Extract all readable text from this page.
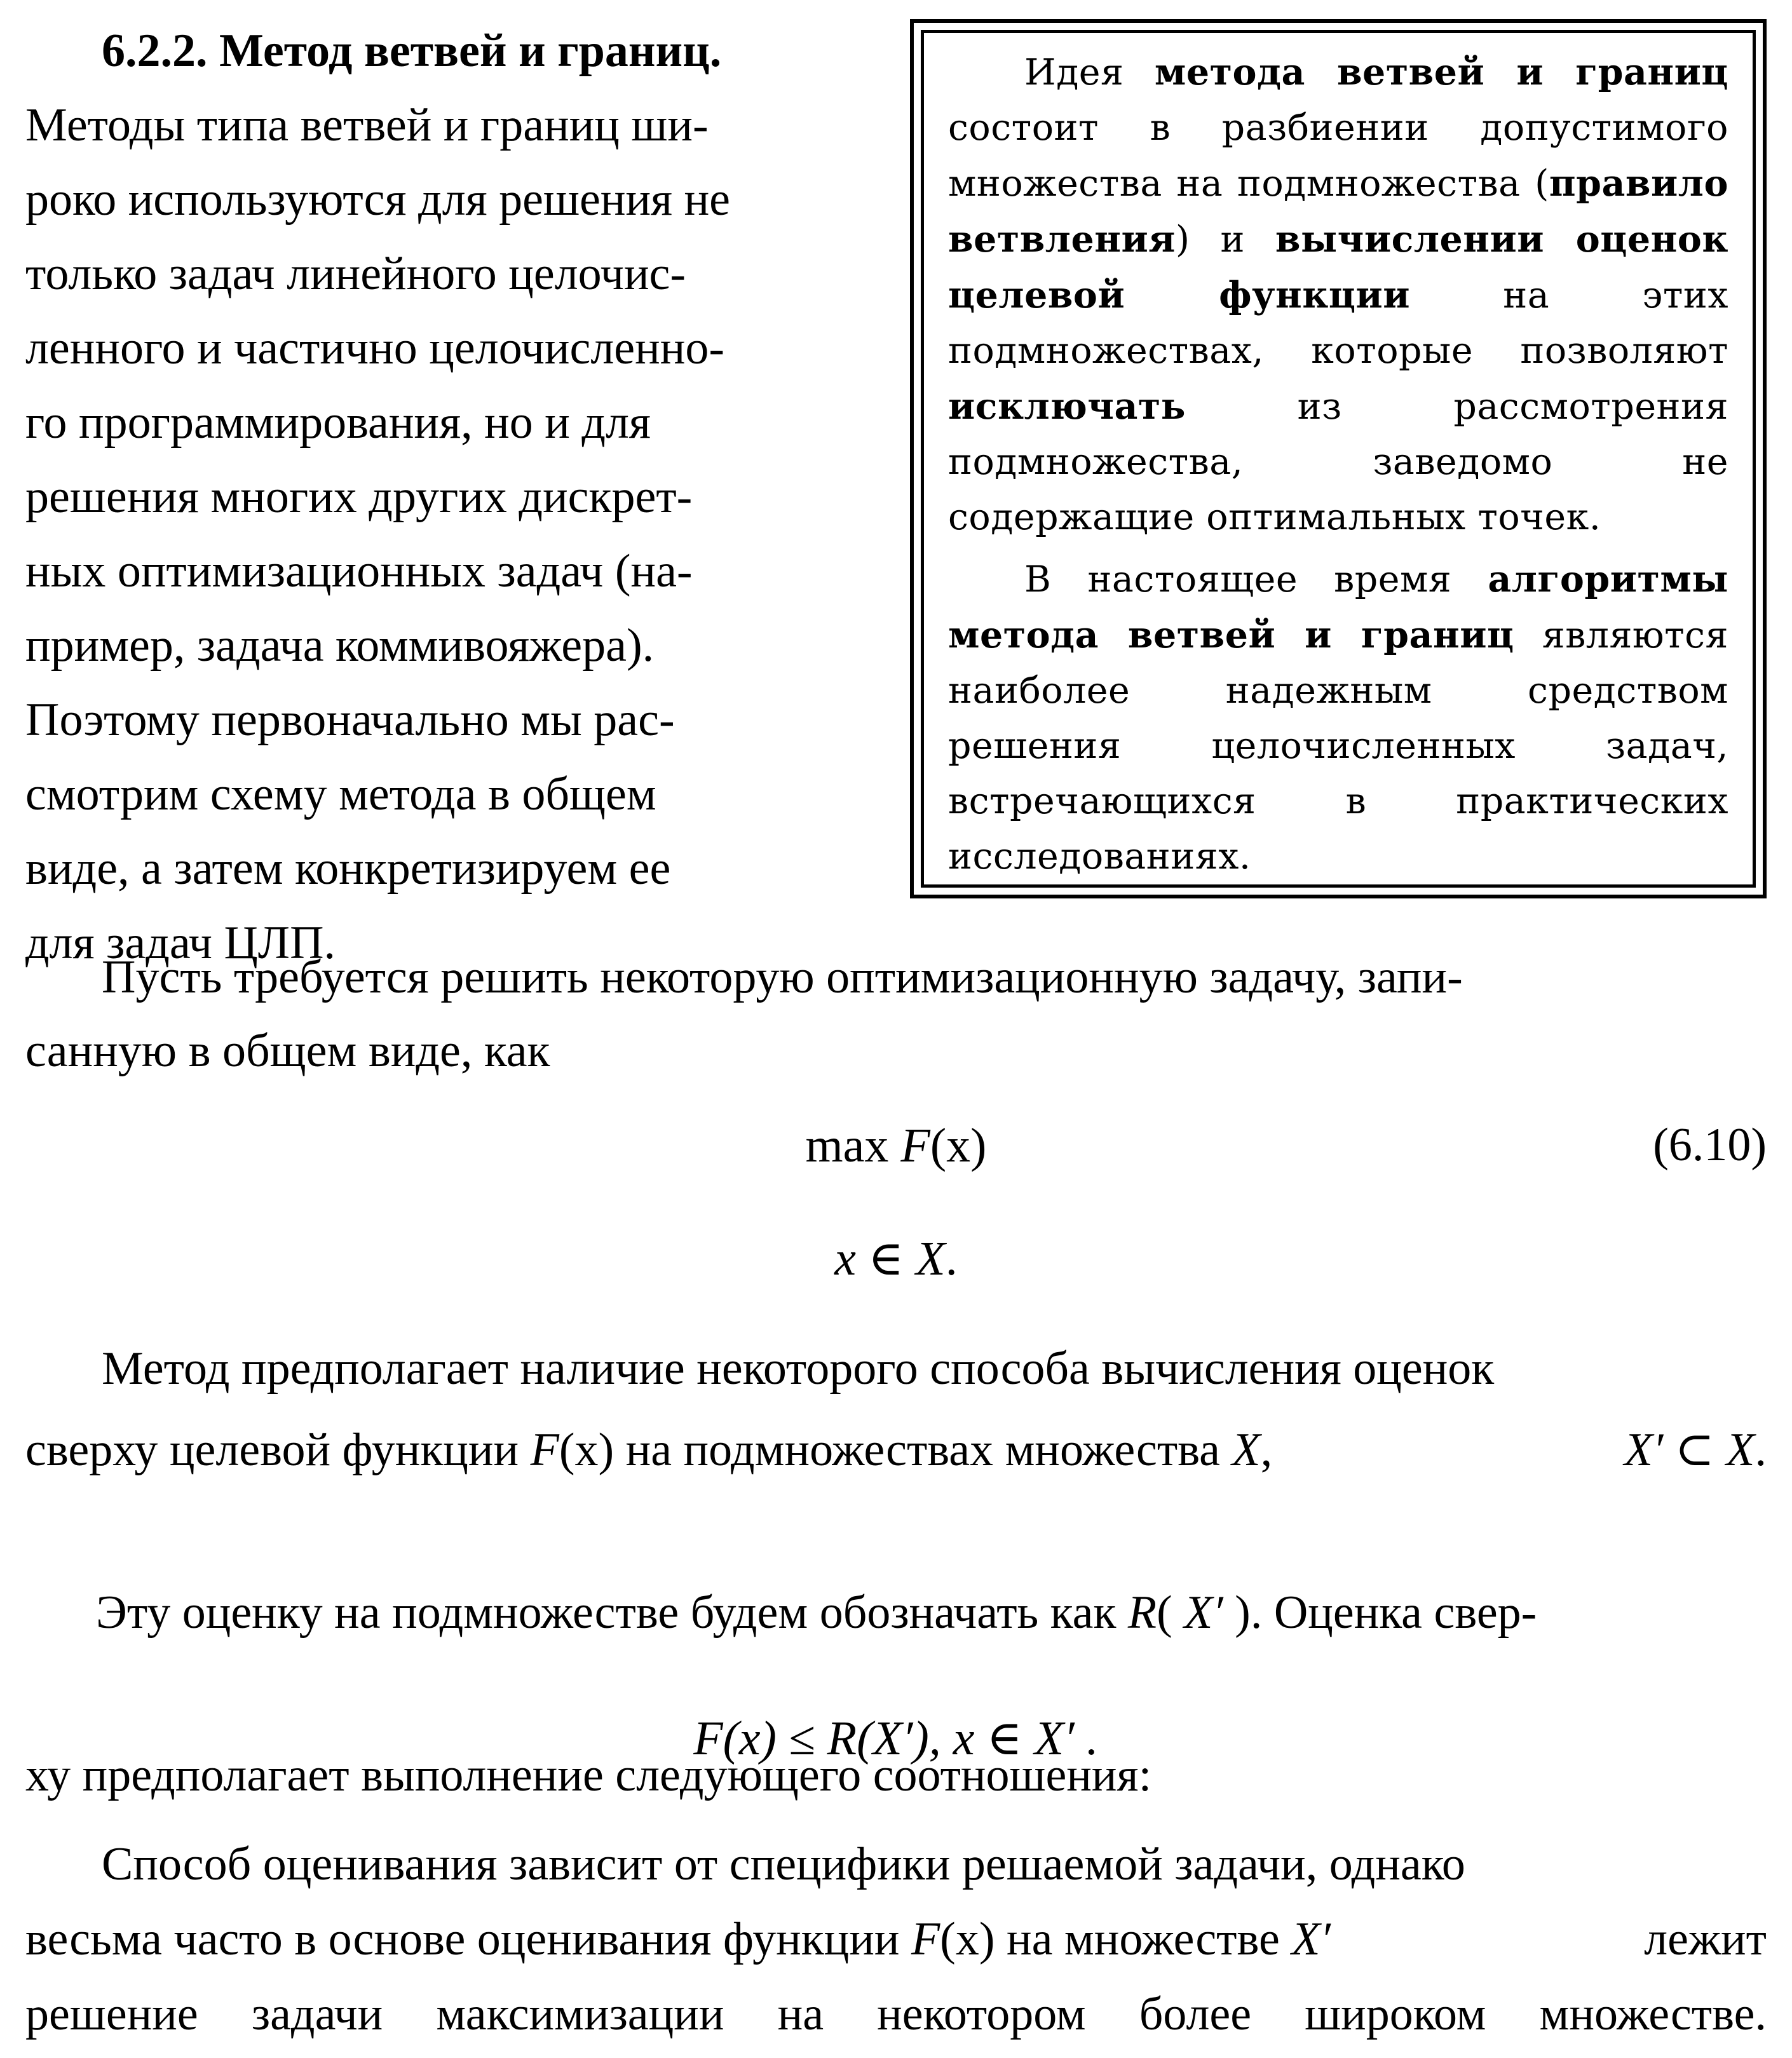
6.2.2. Метод ветвей и границ.
Методы типа ветвей и границ ши-
роко используются для решения не
только задач линейного целочис-
ленного и частично целочисленно-
го программирования, но и для
решения многих других дискрет-
ных оптимизационных задач (на-
пример, задача коммивояжера).
Поэтому первоначально мы рас-
смотрим схему метода в общем
виде, а затем конкретизируем ее
для задач ЦЛП.

Идея метода ветвей и границ состоит в разбиении допустимого множества на подмножества (правило ветвления) и вычислении оценок целевой функции на этих подмножествах, которые позволяют исключать из рассмотрения подмножества, заведомо не содержащие оптимальных точек.

В настоящее время алгоритмы метода ветвей и границ являются наиболее надежным средством решения целочисленных задач, встречающихся в практических исследованиях.

Пусть требуется решить некоторую оптимизационную задачу, запи-
санную в общем виде, как
max F(x)	(6.10)
x ∈ X.
Метод предполагает наличие некоторого способа вычисления оценок
сверху целевой функции F(x) на подмножествах множества X,	X′ ⊂ X.

Эту оценку на подмножестве будем обозначать как R( X′ ). Оценка свер-

ху предполагает выполнение следующего соотношения:
F(x) ≤ R(X′), x ∈ X′ .
Способ оценивания зависит от специфики решаемой задачи, однако
весьма часто в основе оценивания функции F(x) на множестве X′	лежит
решение задачи максимизации на некотором более широком множестве.
